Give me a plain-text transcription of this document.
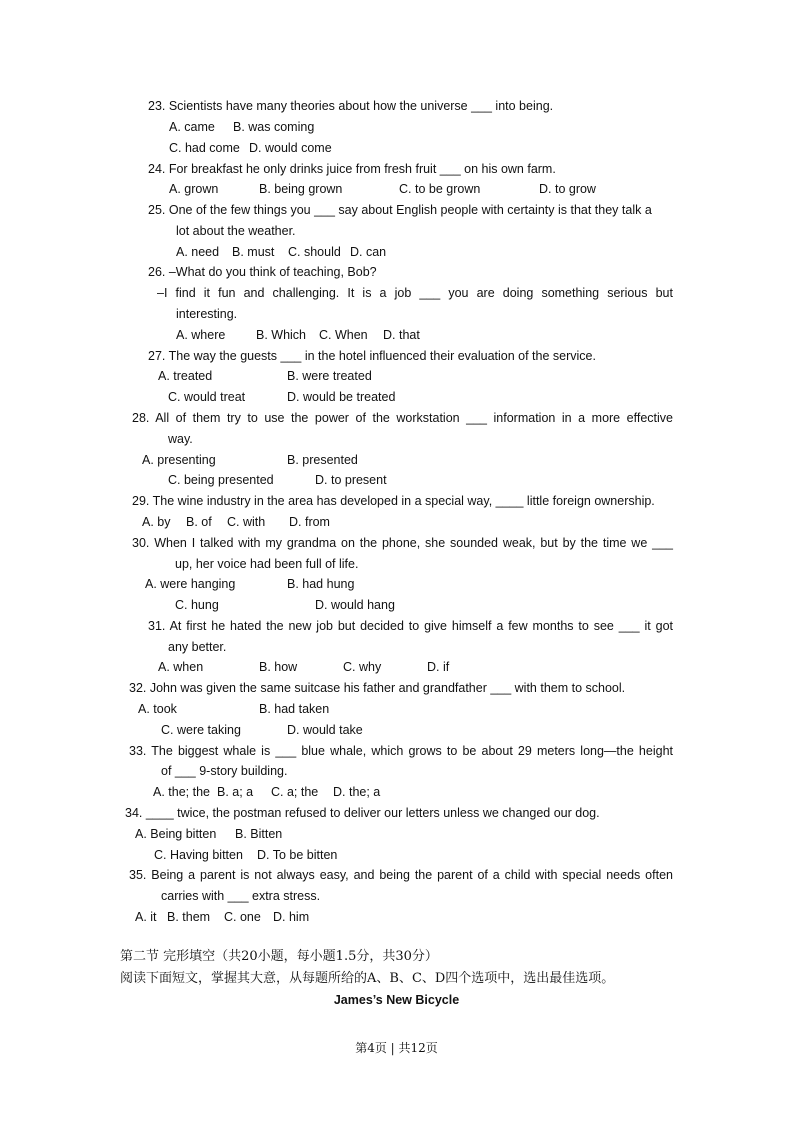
23. Scientists have many theories about how the universe ___ into being.
A. came B. was coming
C. had come D. would come
24. For breakfast he only drinks juice from fresh fruit ___ on his own farm.
A. grown	B. being grown	C. to be grown	D. to grow
25. One of the few things you ___ say about English people with certainty is that they talk a
lot about the weather.
A. need B. must C. should D. can
26. –What do you think of teaching, Bob?
–I find it fun and challenging. It is a job ___ you are doing something serious but
interesting.
A. where B. Which C. When D. that
27. The way the guests ___ in the hotel influenced their evaluation of the service.
A. treated	B. were treated
C. would treat	D. would be treated
28. All of them try to use the power of the workstation ___ information in a more effective
way.
A. presenting	B. presented
C. being presented	D. to present
29. The wine industry in the area has developed in a special way, ____ little foreign ownership.
A. by B. of C. with D. from
30. When I talked with my grandma on the phone, she sounded weak, but by the time we ___
up, her voice had been full of life.
A. were hanging	B. had hung
C. hung	D. would hang
31. At first he hated the new job but decided to give himself a few months to see ___ it got
any better.
A. when	B. how	C. why	D. if
32. John was given the same suitcase his father and grandfather ___ with them to school.
A. took	B. had taken
C. were taking	D. would take
33. The biggest whale is ___ blue whale, which grows to be about 29 meters long—the height
of ___ 9-story building.
A. the; the B. a; a C. a; the D. the; a
34. ____ twice, the postman refused to deliver our letters unless we changed our dog.
A. Being bitten B. Bitten
C. Having bitten D. To be bitten
35. Being a parent is not always easy, and being the parent of a child with special needs often
carries with ___ extra stress.
A. it B. them C. one D. him
第二节 完形填空（共20小题，每小题1.5分，共30分）
阅读下面短文，掌握其大意，从每题所给的A、B、C、D四个选项中，选出最佳选项。
James’s New Bicycle
第4页 | 共12页
